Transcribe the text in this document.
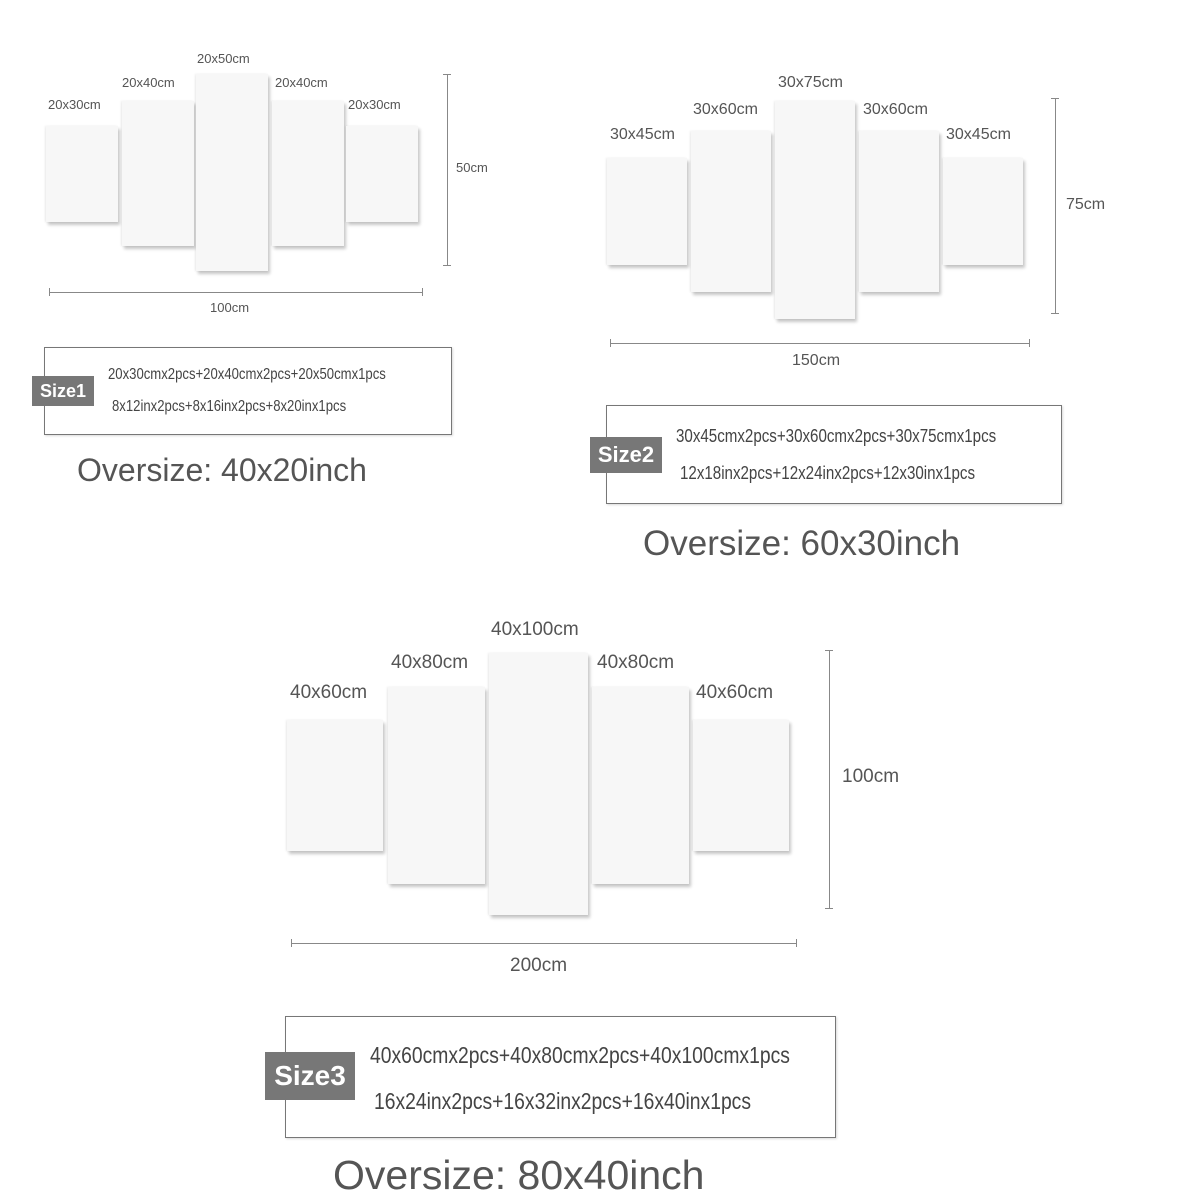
20x30cm
20x40cm
20x50cm
20x40cm
20x30cm
50cm
100cm
Size1
20x30cmx2pcs+20x40cmx2pcs+20x50cmx1pcs
8x12inx2pcs+8x16inx2pcs+8x20inx1pcs
Oversize: 40x20inch
30x45cm
30x60cm
30x75cm
30x60cm
30x45cm
75cm
150cm
Size2
30x45cmx2pcs+30x60cmx2pcs+30x75cmx1pcs
12x18inx2pcs+12x24inx2pcs+12x30inx1pcs
Oversize: 60x30inch
40x60cm
40x80cm
40x100cm
40x80cm
40x60cm
100cm
200cm
Size3
40x60cmx2pcs+40x80cmx2pcs+40x100cmx1pcs
16x24inx2pcs+16x32inx2pcs+16x40inx1pcs
Oversize: 80x40inch
